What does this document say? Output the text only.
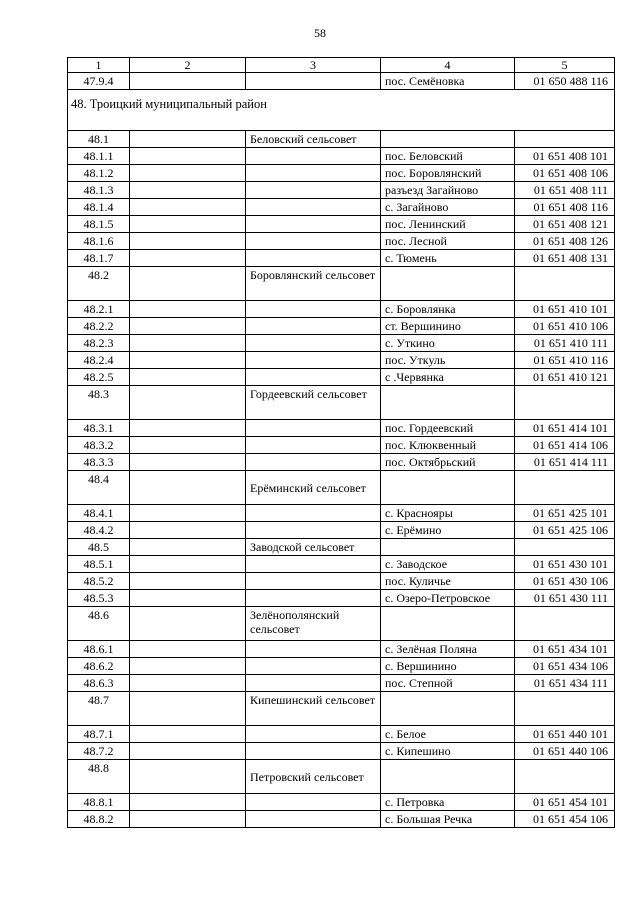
58
1	2	3	4	5
47.9.4			пос. Семёновка	01 650 488 116
48. Троицкий муниципальный район				
48.1		Беловский сельсовет		
48.1.1			пос. Беловский	01 651 408 101
48.1.2			пос. Боровлянский	01 651 408 106
48.1.3			разъезд Загайново	01 651 408 111
48.1.4			с. Загайново	01 651 408 116
48.1.5			пос. Ленинский	01 651 408 121
48.1.6			пос. Лесной	01 651 408 126
48.1.7			с. Тюмень	01 651 408 131
48.2		Боровлянский сельсовет		
48.2.1			с. Боровлянка	01 651 410 101
48.2.2			ст. Вершинино	01 651 410 106
48.2.3			с. Уткино	01 651 410 111
48.2.4			пос. Уткуль	01 651 410 116
48.2.5			с .Червянка	01 651 410 121
48.3		Гордеевский сельсовет		
48.3.1			пос. Гордеевский	01 651 414 101
48.3.2			пос. Клюквенный	01 651 414 106
48.3.3			пос. Октябрьский	01 651 414 111
48.4		Ерёминский сельсовет		
48.4.1			с. Краснояры	01 651 425 101
48.4.2			с. Ерёмино	01 651 425 106
48.5		Заводской сельсовет		
48.5.1			с. Заводское	01 651 430 101
48.5.2			пос. Куличье	01 651 430 106
48.5.3			с. Озеро-Петровское	01 651 430 111
48.6		Зелёнополянский сельсовет		
48.6.1			с. Зелёная Поляна	01 651 434 101
48.6.2			с. Вершинино	01 651 434 106
48.6.3			пос. Степной	01 651 434 111
48.7		Кипешинский сельсовет		
48.7.1			с. Белое	01 651 440 101
48.7.2			с. Кипешино	01 651 440 106
48.8		Петровский сельсовет		
48.8.1			с. Петровка	01 651 454 101
48.8.2			с. Большая Речка	01 651 454 106
